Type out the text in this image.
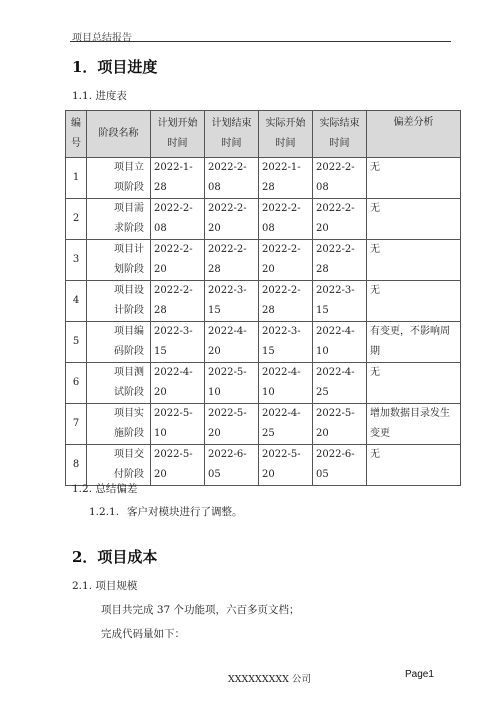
项目总结报告
1．项目进度
1.1. 进度表
编号	阶段名称	计划开始时间	计划结束时间	实际开始时间	实际结束时间	偏差分析
1	项目立项阶段	2022-1-28	2022-2-08	2022-1-28	2022-2-08	无
2	项目需求阶段	2022-2-08	2022-2-20	2022-2-08	2022-2-20	无
3	项目计划阶段	2022-2-20	2022-2-28	2022-2-20	2022-2-28	无
4	项目设计阶段	2022-2-28	2022-3-15	2022-2-28	2022-3-15	无
5	项目编码阶段	2022-3-15	2022-4-20	2022-3-15	2022-4-10	有变更，不影响周期
6	项目测试阶段	2022-4-20	2022-5-10	2022-4-10	2022-4-25	无
7	项目实施阶段	2022-5-10	2022-5-20	2022-4-25	2022-5-20	增加数据目录发生变更
8	项目交付阶段	2022-5-20	2022-6-05	2022-5-20	2022-6-05	无
1.2. 总结偏差
1.2.1. 客户对模块进行了调整。
2．项目成本
2.1. 项目规模
项目共完成 37 个功能项，六百多页文档；
完成代码量如下：
XXXXXXXXX 公司	Page1
